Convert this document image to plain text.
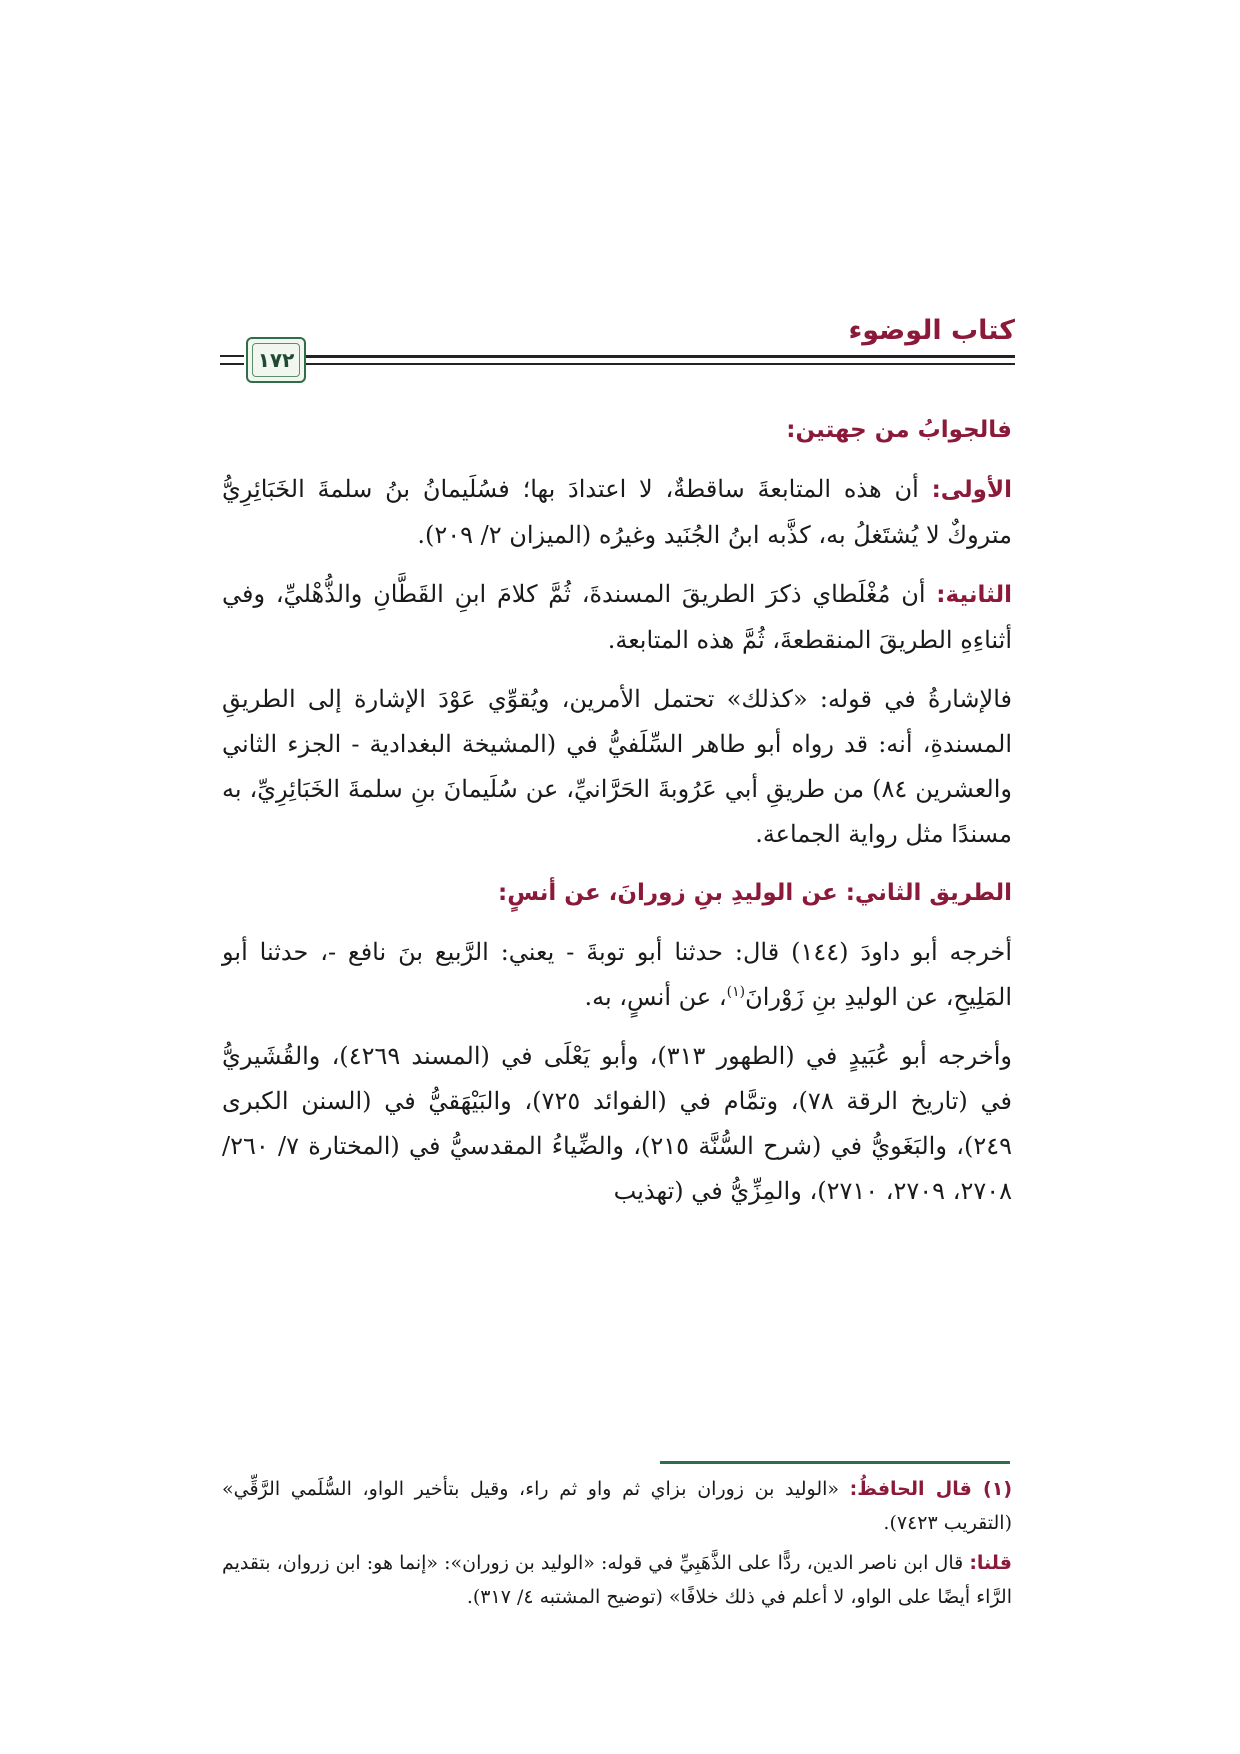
كتاب الوضوء
١٧٢

فالجوابُ من جهتين:

الأولى: أن هذه المتابعةَ ساقطةٌ، لا اعتدادَ بها؛ فسُلَيمانُ بنُ سلمةَ الخَبَائِرِيُّ متروكٌ لا يُشتَغلُ به، كذَّبه ابنُ الجُنَيد وغيرُه (الميزان ٢/ ٢٠٩).

الثانية: أن مُغْلَطاي ذكرَ الطريقَ المسندةَ، ثُمَّ كلامَ ابنِ القَطَّانِ والذُّهْليِّ، وفي أثناءِهِ الطريقَ المنقطعةَ، ثُمَّ هذه المتابعة.

فالإشارةُ في قوله: «كذلك» تحتمل الأمرين، ويُقوِّي عَوْدَ الإشارة إلى الطريقِ المسندةِ، أنه: قد رواه أبو طاهر السِّلَفيُّ في (المشيخة البغدادية - الجزء الثاني والعشرين ٨٤) من طريقِ أبي عَرُوبةَ الحَرَّانيِّ، عن سُلَيمانَ بنِ سلمةَ الخَبَائِرِيِّ، به مسندًا مثل رواية الجماعة.

الطريق الثاني: عن الوليدِ بنِ زورانَ، عن أنسٍ:

أخرجه أبو داودَ (١٤٤) قال: حدثنا أبو توبةَ - يعني: الرَّبيع بنَ نافع -، حدثنا أبو المَلِيحِ، عن الوليدِ بنِ زَوْرانَ$^{(١)}$، عن أنسٍ، به.

وأخرجه أبو عُبَيدٍ في (الطهور ٣١٣)، وأبو يَعْلَى في (المسند ٤٢٦٩)، والقُشَيريُّ في (تاريخ الرقة ٧٨)، وتمَّام في (الفوائد ٧٢٥)، والبَيْهَقيُّ في (السنن الكبرى ٢٤٩)، والبَغَويُّ في (شرح السُّنَّة ٢١٥)، والضِّياءُ المقدسيُّ في (المختارة ٧/ ٢٦٠/ ٢٧٠٨، ٢٧٠٩، ٢٧١٠)، والمِزِّيُّ في (تهذيب

(١) قال الحافظُ: «الوليد بن زوران بزاي ثم واو ثم راء، وقيل بتأخير الواو، السُّلَمي الرَّقِّي» (التقريب ٧٤٢٣).

قلنا: قال ابن ناصر الدين، ردًّا على الذَّهَبِيِّ في قوله: «الوليد بن زوران»: «إنما هو: ابن زروان، بتقديم الرَّاء أيضًا على الواو، لا أعلم في ذلك خلافًا» (توضيح المشتبه ٤/ ٣١٧).
